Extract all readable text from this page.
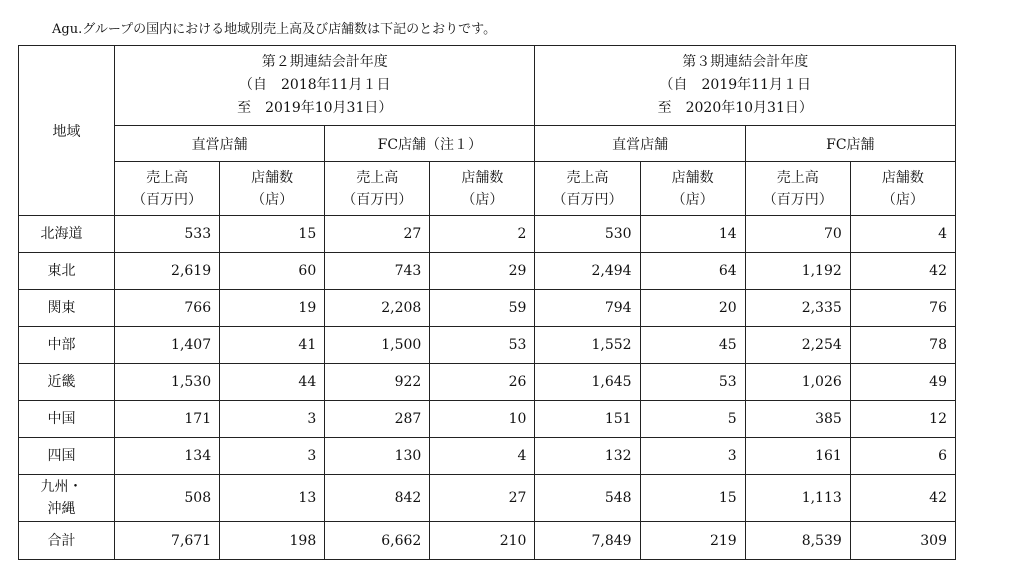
Agu.グループの国内における地域別売上高及び店舗数は下記のとおりです。
地域	第２期連結会計年度
（自　2018年11月１日
至　2019年10月31日）				第３期連結会計年度
（自　2019年11月１日
至　2020年10月31日）			

	直営店舗		FC店舗（注１）		直営店舗		FC店舗	

	売上高
（百万円）	店舗数
（店）	売上高
（百万円）	店舗数
（店）	売上高
（百万円）	店舗数
（店）	売上高
（百万円）	店舗数
（店）

北海道	533	15	27	2	530	14	70	4

東北	2,619	60	743	29	2,494	64	1,192	42

関東	766	19	2,208	59	794	20	2,335	76

中部	1,407	41	1,500	53	1,552	45	2,254	78

近畿	1,530	44	922	26	1,645	53	1,026	49

中国	171	3	287	10	151	5	385	12

四国	134	3	130	4	132	3	161	6

九州・
沖縄	508	13	842	27	548	15	1,113	42

合計	7,671	198	6,662	210	7,849	219	8,539	309
